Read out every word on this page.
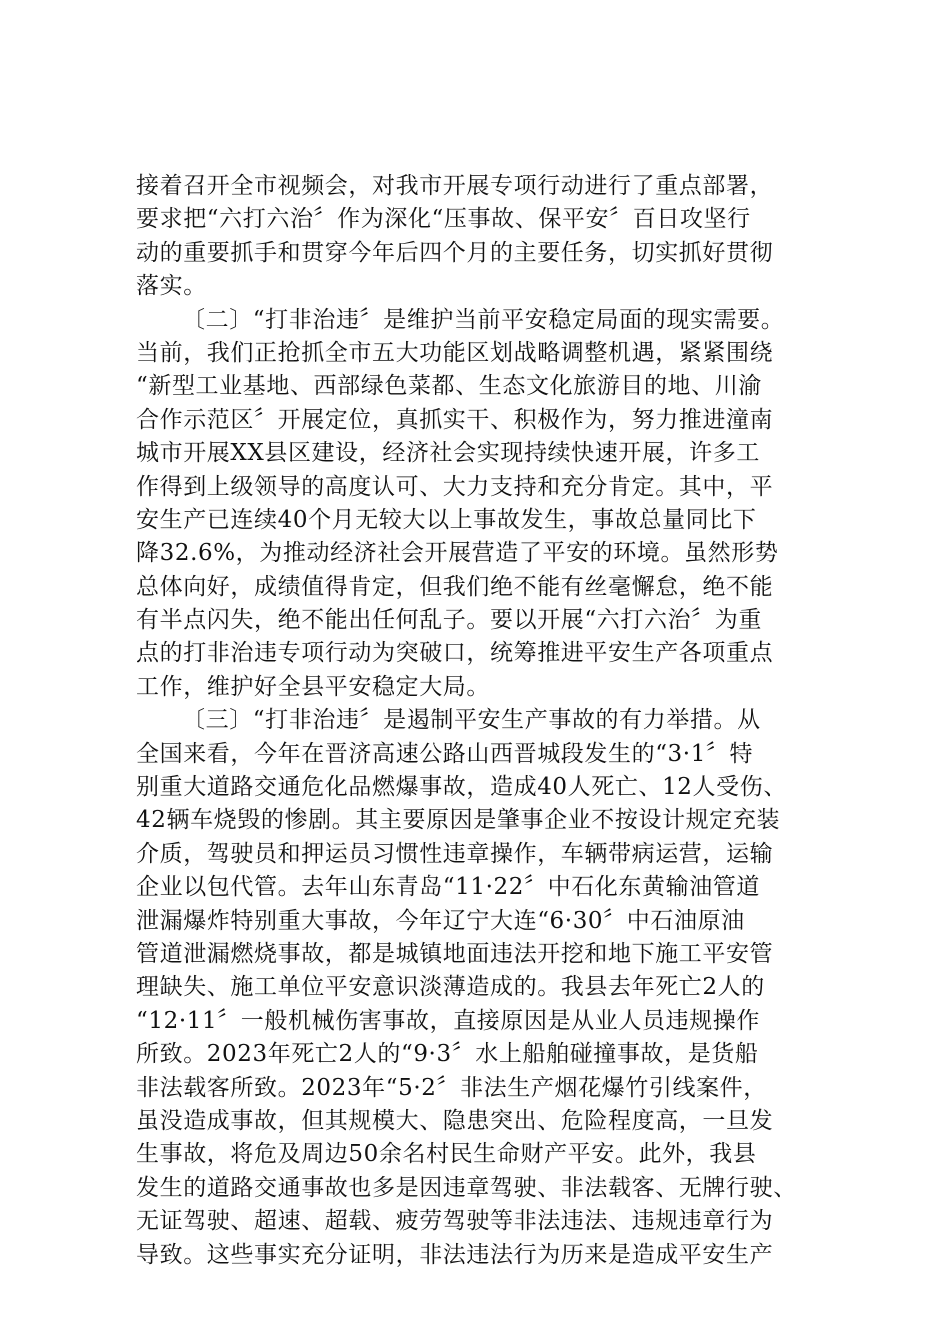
接着召开全市视频会，对我市开展专项行动进行了重点部署，
要求把“六打六治〞作为深化“压事故、保平安〞百日攻坚行
动的重要抓手和贯穿今年后四个月的主要任务，切实抓好贯彻
落实。
〔二〕“打非治违〞是维护当前平安稳定局面的现实需要。
当前，我们正抢抓全市五大功能区划战略调整机遇，紧紧围绕
“新型工业基地、西部绿色菜都、生态文化旅游目的地、川渝
合作示范区〞开展定位，真抓实干、积极作为，努力推进潼南
城市开展XX县区建设，经济社会实现持续快速开展，许多工
作得到上级领导的高度认可、大力支持和充分肯定。其中，平
安生产已连续40个月无较大以上事故发生，事故总量同比下
降32.6%，为推动经济社会开展营造了平安的环境。虽然形势
总体向好，成绩值得肯定，但我们绝不能有丝毫懈怠，绝不能
有半点闪失，绝不能出任何乱子。要以开展“六打六治〞为重
点的打非治违专项行动为突破口，统筹推进平安生产各项重点
工作，维护好全县平安稳定大局。
〔三〕“打非治违〞是遏制平安生产事故的有力举措。从
全国来看，今年在晋济高速公路山西晋城段发生的“3·1〞特
别重大道路交通危化品燃爆事故，造成40人死亡、12人受伤、
42辆车烧毁的惨剧。其主要原因是肇事企业不按设计规定充装
介质，驾驶员和押运员习惯性违章操作，车辆带病运营，运输
企业以包代管。去年山东青岛“11·22〞中石化东黄输油管道
泄漏爆炸特别重大事故，今年辽宁大连“6·30〞中石油原油
管道泄漏燃烧事故，都是城镇地面违法开挖和地下施工平安管
理缺失、施工单位平安意识淡薄造成的。我县去年死亡2人的
“12·11〞一般机械伤害事故，直接原因是从业人员违规操作
所致。2023年死亡2人的“9·3〞水上船舶碰撞事故，是货船
非法载客所致。2023年“5·2〞非法生产烟花爆竹引线案件，
虽没造成事故，但其规模大、隐患突出、危险程度高，一旦发
生事故，将危及周边50余名村民生命财产平安。此外，我县
发生的道路交通事故也多是因违章驾驶、非法载客、无牌行驶、
无证驾驶、超速、超载、疲劳驾驶等非法违法、违规违章行为
导致。这些事实充分证明，非法违法行为历来是造成平安生产
